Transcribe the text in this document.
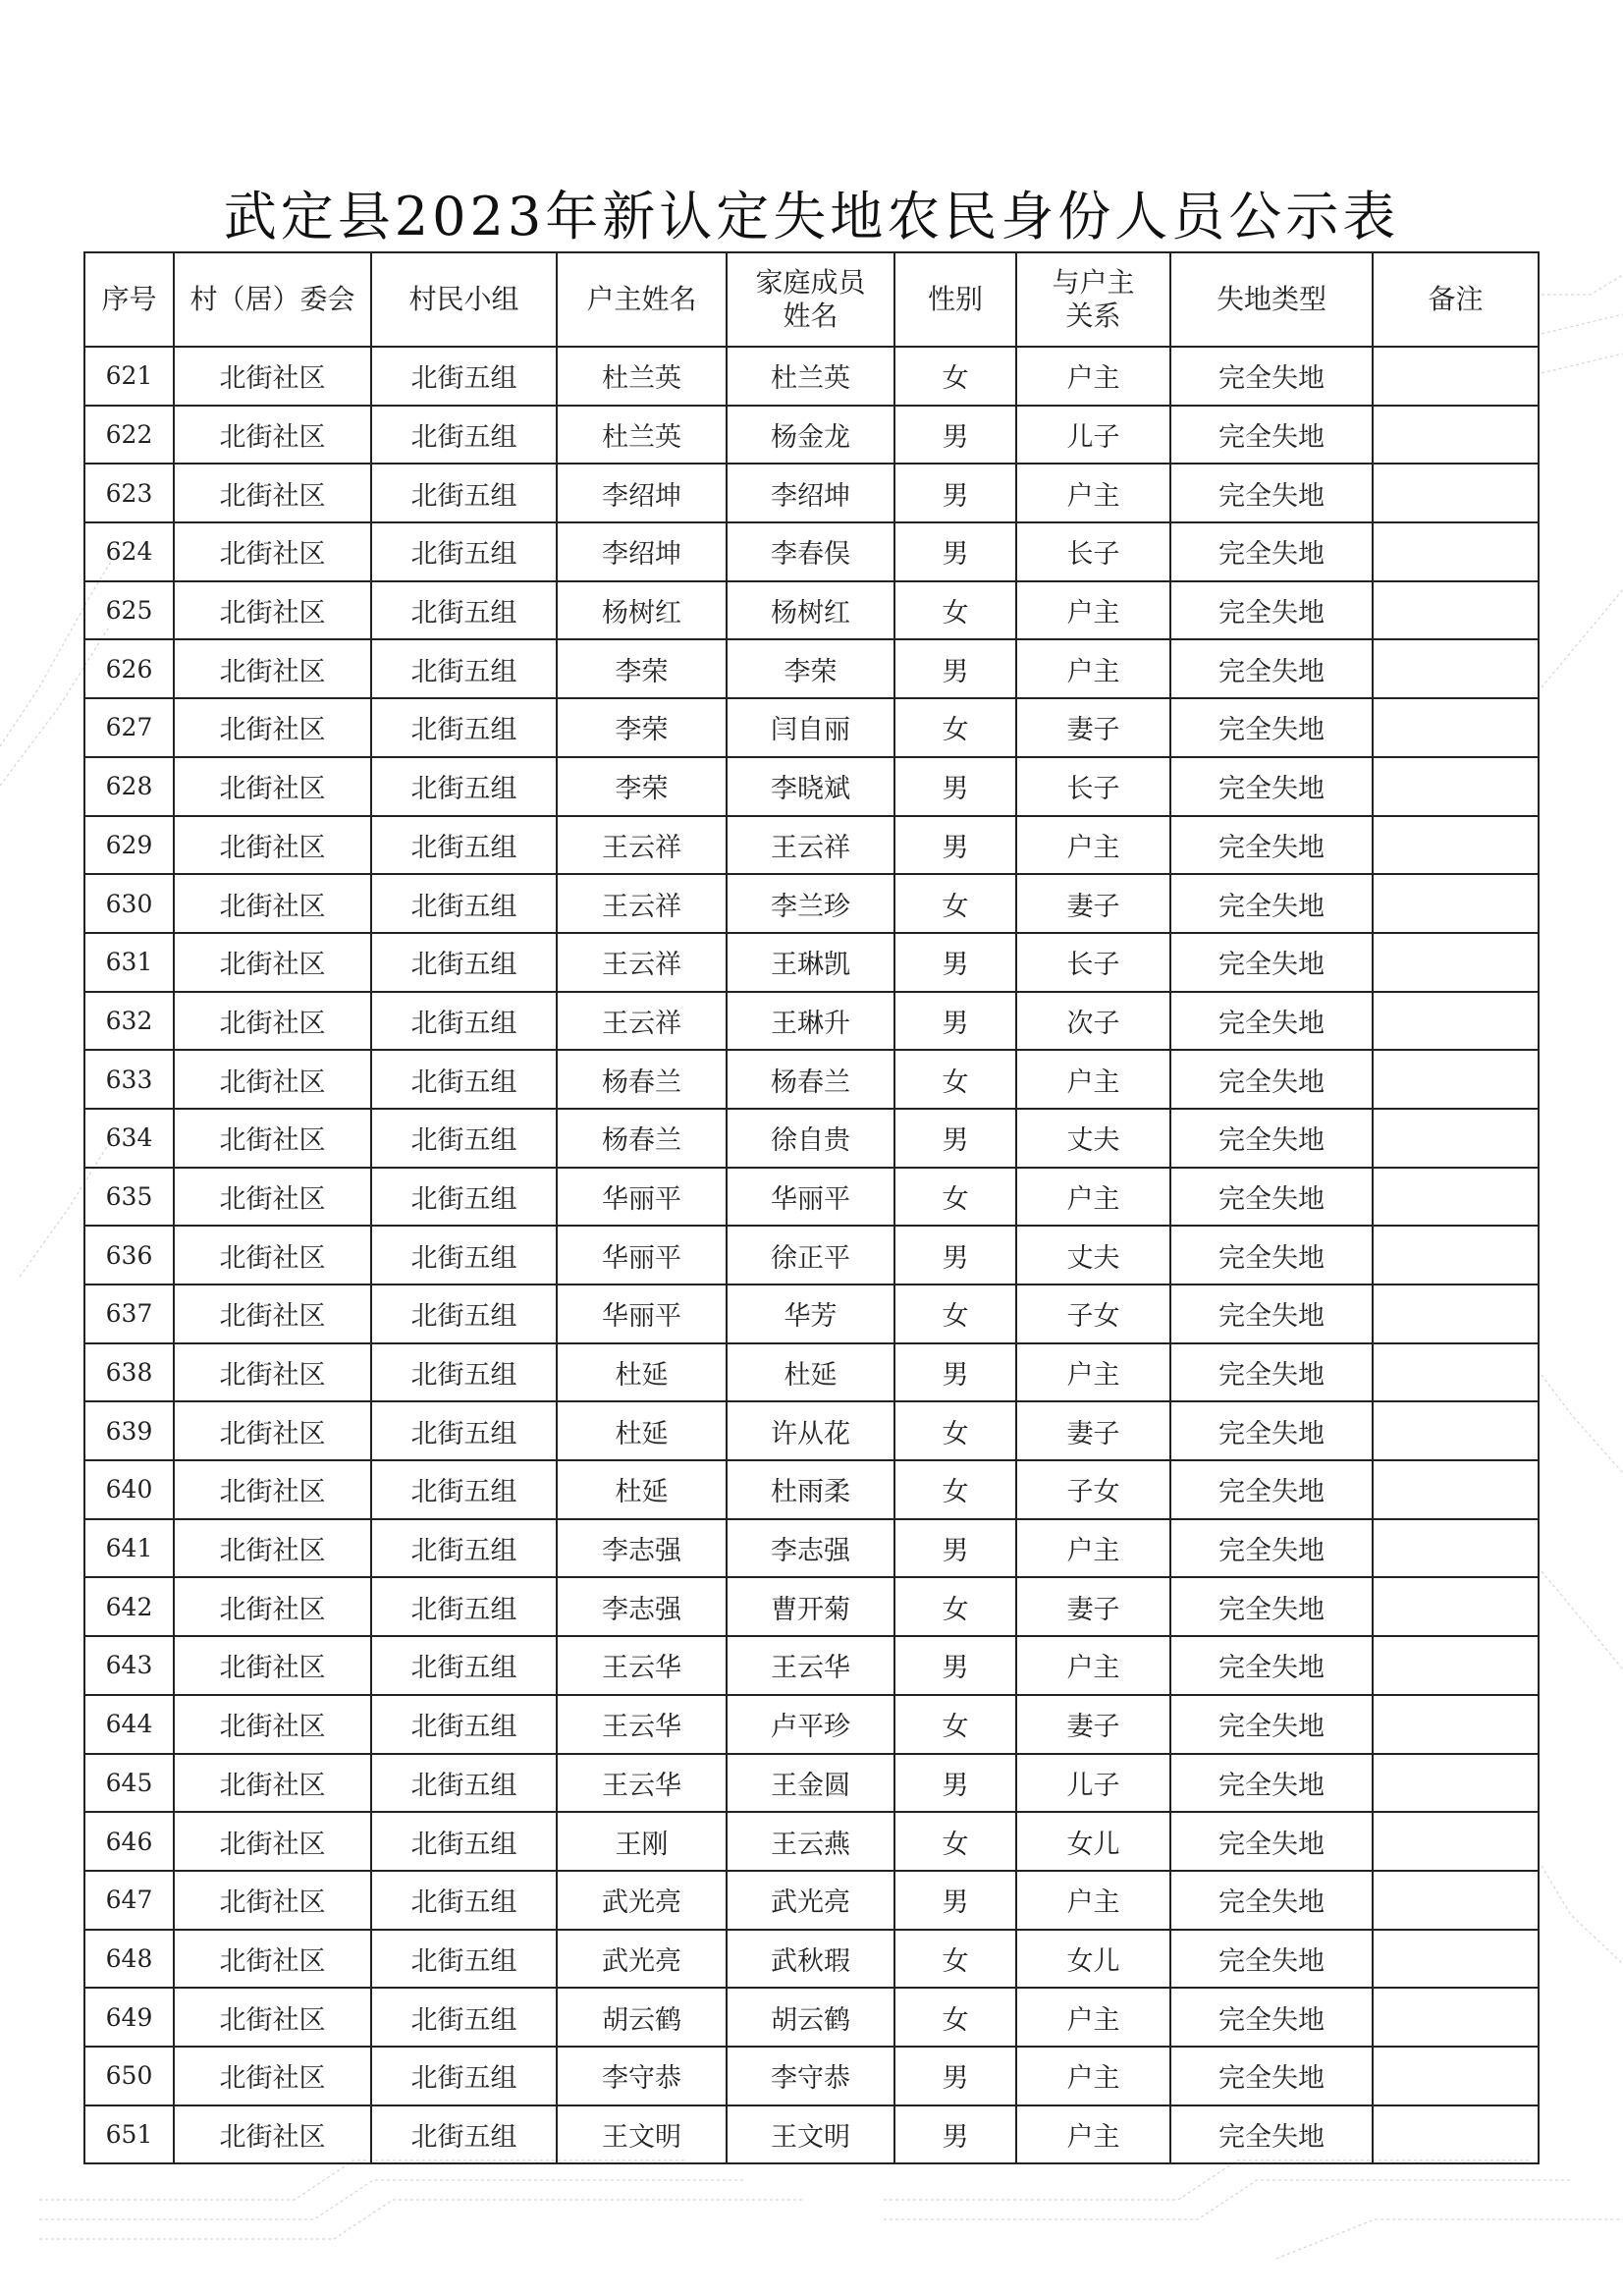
武定县2023年新认定失地农民身份人员公示表
序号	村（居）委会	村民小组	户主姓名	家庭成员姓名	性别	与户主关系	失地类型	备注
621	北街社区	北街五组	杜兰英	杜兰英	女	户主	完全失地	
622	北街社区	北街五组	杜兰英	杨金龙	男	儿子	完全失地	
623	北街社区	北街五组	李绍坤	李绍坤	男	户主	完全失地	
624	北街社区	北街五组	李绍坤	李春俣	男	长子	完全失地	
625	北街社区	北街五组	杨树红	杨树红	女	户主	完全失地	
626	北街社区	北街五组	李荣	李荣	男	户主	完全失地	
627	北街社区	北街五组	李荣	闫自丽	女	妻子	完全失地	
628	北街社区	北街五组	李荣	李晓斌	男	长子	完全失地	
629	北街社区	北街五组	王云祥	王云祥	男	户主	完全失地	
630	北街社区	北街五组	王云祥	李兰珍	女	妻子	完全失地	
631	北街社区	北街五组	王云祥	王琳凯	男	长子	完全失地	
632	北街社区	北街五组	王云祥	王琳升	男	次子	完全失地	
633	北街社区	北街五组	杨春兰	杨春兰	女	户主	完全失地	
634	北街社区	北街五组	杨春兰	徐自贵	男	丈夫	完全失地	
635	北街社区	北街五组	华丽平	华丽平	女	户主	完全失地	
636	北街社区	北街五组	华丽平	徐正平	男	丈夫	完全失地	
637	北街社区	北街五组	华丽平	华芳	女	子女	完全失地	
638	北街社区	北街五组	杜延	杜延	男	户主	完全失地	
639	北街社区	北街五组	杜延	许从花	女	妻子	完全失地	
640	北街社区	北街五组	杜延	杜雨柔	女	子女	完全失地	
641	北街社区	北街五组	李志强	李志强	男	户主	完全失地	
642	北街社区	北街五组	李志强	曹开菊	女	妻子	完全失地	
643	北街社区	北街五组	王云华	王云华	男	户主	完全失地	
644	北街社区	北街五组	王云华	卢平珍	女	妻子	完全失地	
645	北街社区	北街五组	王云华	王金圆	男	儿子	完全失地	
646	北街社区	北街五组	王刚	王云燕	女	女儿	完全失地	
647	北街社区	北街五组	武光亮	武光亮	男	户主	完全失地	
648	北街社区	北街五组	武光亮	武秋瑕	女	女儿	完全失地	
649	北街社区	北街五组	胡云鹤	胡云鹤	女	户主	完全失地	
650	北街社区	北街五组	李守恭	李守恭	男	户主	完全失地	
651	北街社区	北街五组	王文明	王文明	男	户主	完全失地	
